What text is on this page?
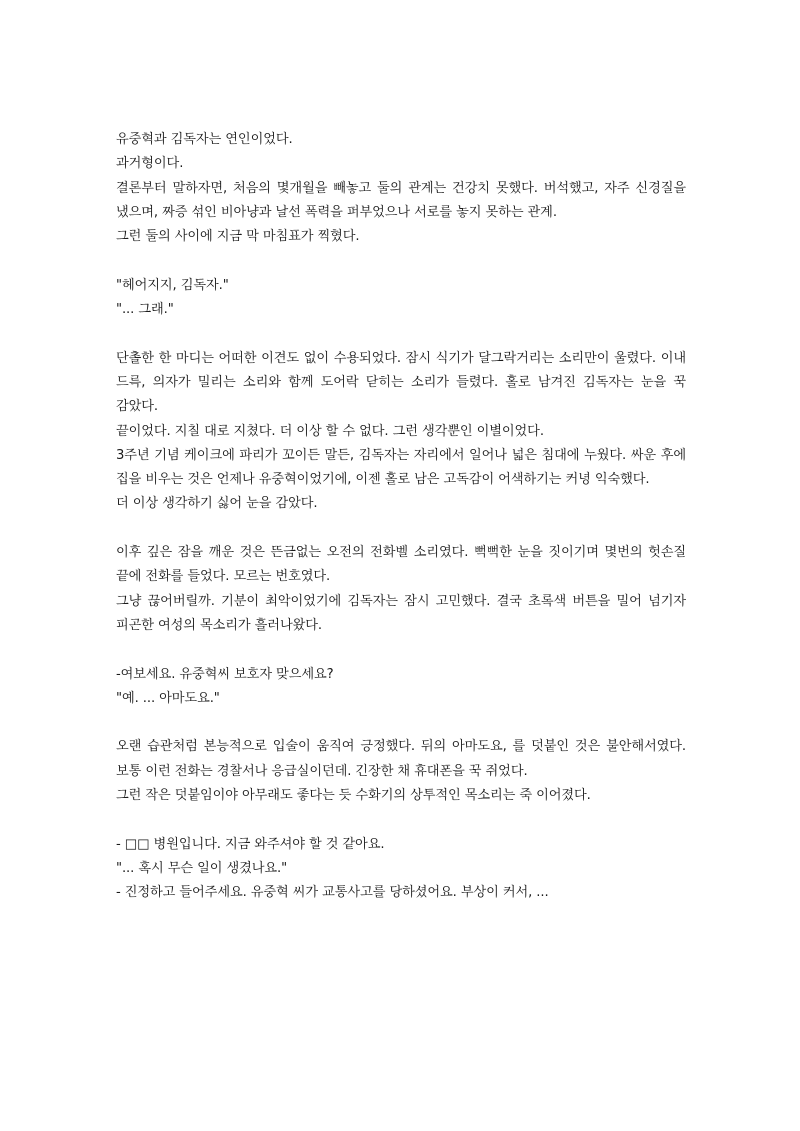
유중혁과 김독자는 연인이었다.

과거형이다.

결론부터 말하자면, 처음의 몇개월을 빼놓고 둘의 관계는 건강치 못했다. 버석했고, 자주 신경질을 냈으며, 짜증 섞인 비아냥과 날선 폭력을 퍼부었으나 서로를 놓지 못하는 관계.

그런 둘의 사이에 지금 막 마침표가 찍혔다.

"헤어지지, 김독자."

"... 그래."

단촐한 한 마디는 어떠한 이견도 없이 수용되었다. 잠시 식기가 달그락거리는 소리만이 울렸다. 이내 드륵, 의자가 밀리는 소리와 함께 도어락 닫히는 소리가 들렸다. 홀로 남겨진 김독자는 눈을 꾹 감았다.

끝이었다. 지칠 대로 지쳤다. 더 이상 할 수 없다. 그런 생각뿐인 이별이었다.

3주년 기념 케이크에 파리가 꼬이든 말든, 김독자는 자리에서 일어나 넓은 침대에 누웠다. 싸운 후에 집을 비우는 것은 언제나 유중혁이었기에, 이젠 홀로 남은 고독감이 어색하기는 커녕 익숙했다.

더 이상 생각하기 싫어 눈을 감았다.

이후 깊은 잠을 깨운 것은 뜬금없는 오전의 전화벨 소리였다. 뻑뻑한 눈을 짓이기며 몇번의 헛손질 끝에 전화를 들었다. 모르는 번호였다.

그냥 끊어버릴까. 기분이 최악이었기에 김독자는 잠시 고민했다. 결국 초록색 버튼을 밀어 넘기자 피곤한 여성의 목소리가 흘러나왔다.

-여보세요. 유중혁씨 보호자 맞으세요?

"예. ... 아마도요."

오랜 습관처럼 본능적으로 입술이 움직여 긍정했다. 뒤의 아마도요, 를 덧붙인 것은 불안해서였다. 보통 이런 전화는 경찰서나 응급실이던데. 긴장한 채 휴대폰을 꾹 쥐었다.

그런 작은 덧붙임이야 아무래도 좋다는 듯 수화기의 상투적인 목소리는 죽 이어졌다.

- □□ 병원입니다. 지금 와주셔야 할 것 같아요.

"... 혹시 무슨 일이 생겼나요."

- 진정하고 들어주세요. 유중혁 씨가 교통사고를 당하셨어요. 부상이 커서, ...
